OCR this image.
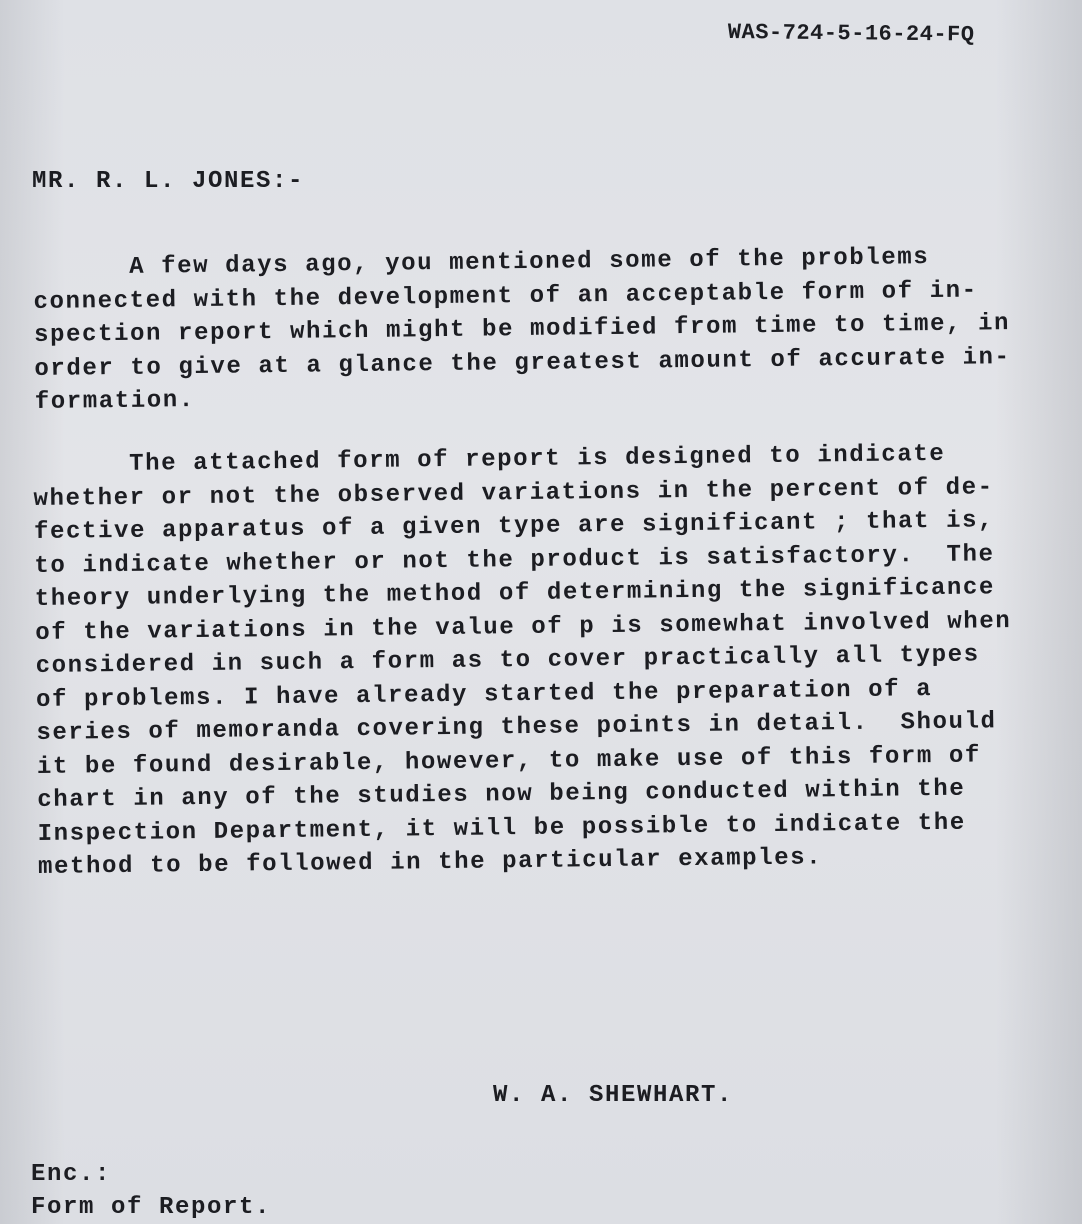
WAS-724-5-16-24-FQ
MR. R. L. JONES:-
A few days ago, you mentioned some of the problems
connected with the development of an acceptable form of in-
spection report which might be modified from time to time, in
order to give at a glance the greatest amount of accurate in-
formation.
The attached form of report is designed to indicate
whether or not the observed variations in the percent of de-
fective apparatus of a given type are significant ; that is,
to indicate whether or not the product is satisfactory.  The
theory underlying the method of determining the significance
of the variations in the value of p is somewhat involved when
considered in such a form as to cover practically all types
of problems. I have already started the preparation of a
series of memoranda covering these points in detail.  Should
it be found desirable, however, to make use of this form of
chart in any of the studies now being conducted within the
Inspection Department, it will be possible to indicate the
method to be followed in the particular examples.
W. A. SHEWHART.
Enc.:
Form of Report.
